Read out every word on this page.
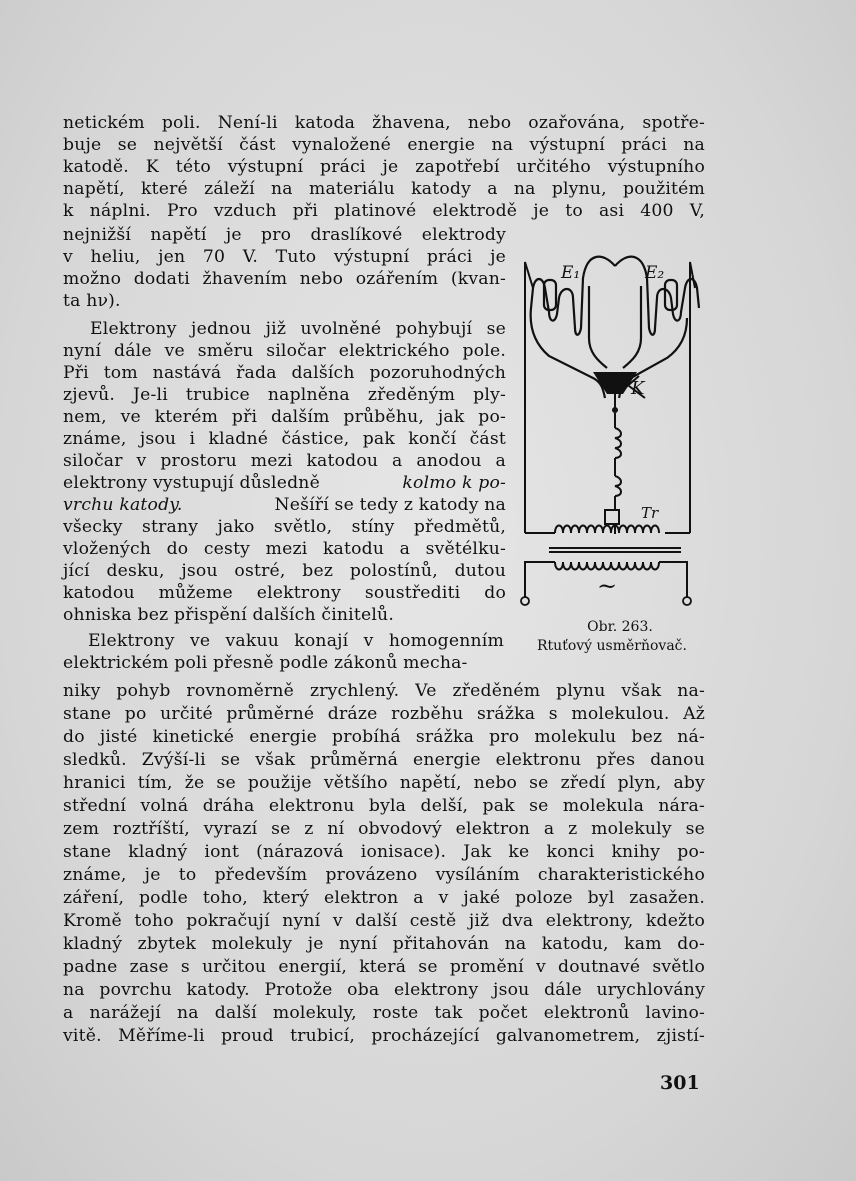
netickém poli. Není-li katoda žhavena, nebo ozařována, spotře-
buje se největší část vynaložené energie na výstupní práci na
katodě. K této výstupní práci je zapotřebí určitého výstupního
napětí, které záleží na materiálu katody a na plynu, použitém
k náplni. Pro vzduch při platinové elektrodě je to asi 400 V,
nejnižší napětí je pro draslíkové elektrody
v heliu, jen 70 V. Tuto výstupní práci je
možno dodati žhavením nebo ozářením (kvan-
ta hν).
Elektrony jednou již uvolněné pohybují se
nyní dále ve směru siločar elektrického pole.
Při tom nastává řada dalších pozoruhodných
zjevů. Je-li trubice naplněna zředěným ply-
nem, ve kterém při dalším průběhu, jak po-
známe, jsou i kladné částice, pak končí část
siločar v prostoru mezi katodou a anodou a
elektrony vystupují důsledně	kolmo k po-
vrchu katody.	Nešíří se tedy z katody na
všecky strany jako světlo, stíny předmětů,
vložených do cesty mezi katodu a světélku-
jící desku, jsou ostré, bez polostínů, dutou
katodou můžeme elektrony soustřediti do
ohniska bez přispění dalších činitelů.
Elektrony ve vakuu konají v homogenním
elektrickém poli přesně podle zákonů mecha-
niky pohyb rovnoměrně zrychlený. Ve zředěném plynu však na-
stane po určité průměrné dráze rozběhu srážka s molekulou. Až
do jisté kinetické energie probíhá srážka pro molekulu bez ná-
sledků. Zvýší-li se však průměrná energie elektronu přes danou
hranici tím, že se použije většího napětí, nebo se zředí plyn, aby
střední volná dráha elektronu byla delší, pak se molekula nára-
zem roztříští, vyrazí se z ní obvodový elektron a z molekuly se
stane kladný iont (nárazová ionisace). Jak ke konci knihy po-
známe, je to především provázeno vysíláním charakteristického
záření, podle toho, který elektron a v jaké poloze byl zasažen.
Kromě toho pokračují nyní v další cestě již dva elektrony, kdežto
kladný zbytek molekuly je nyní přitahován na katodu, kam do-
padne zase s určitou energií, která se promění v doutnavé světlo
na povrchu katody. Protože oba elektrony jsou dále urychlovány
a narážejí na další molekuly, roste tak počet elektronů lavino-
vitě. Měříme-li proud trubicí, procházející galvanometrem, zjistí-
E₁	E₂
K
Tr
~
Obr. 263.
Rtuťový usměrňovač.
301
